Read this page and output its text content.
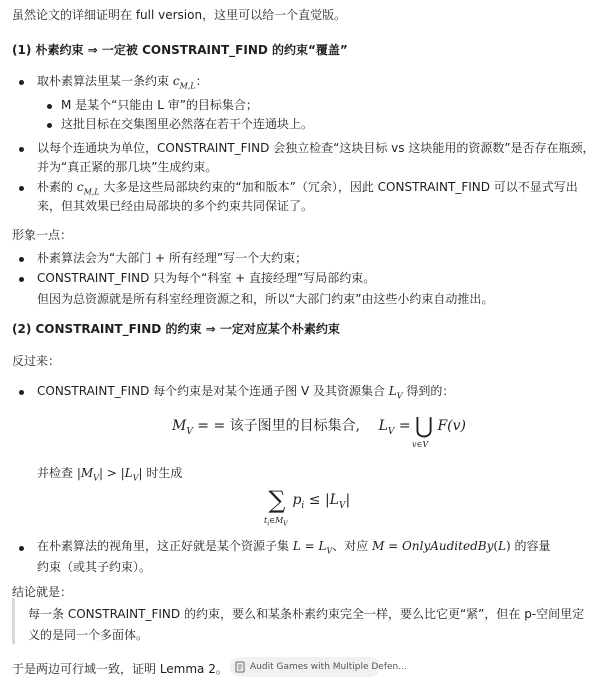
虽然论文的详细证明在 full version，这里可以给一个直觉版。
(1) 朴素约束 ⇒ 一定被 CONSTRAINT_FIND 的约束“覆盖”
取朴素算法里某一条约束 $c_{M,L}$：
M 是某个“只能由 L 审”的目标集合；
这批目标在交集图里必然落在若干个连通块上。
以每个连通块为单位，CONSTRAINT_FIND 会独立检查“这块目标 vs 这块能用的资源数”是否存在瓶颈，
并为“真正紧的那几块”生成约束。
朴素的 $c_{M,L}$ 大多是这些局部块约束的“加和版本”（冗余），因此 CONSTRAINT_FIND 可以不显式写出
来，但其效果已经由局部块的多个约束共同保证了。
形象一点：
朴素算法会为“大部门 + 所有经理”写一个大约束；
CONSTRAINT_FIND 只为每个“科室 + 直接经理”写局部约束。
但因为总资源就是所有科室经理资源之和，所以“大部门约束”由这些小约束自动推出。
(2) CONSTRAINT_FIND 的约束 ⇒ 一定对应某个朴素约束
反过来：
CONSTRAINT_FIND 每个约束是对某个连通子图 V 及其资源集合 $L_V$ 得到的：
$M_V$ = = 该子图里的目标集合, $L_V$ = ⋃
v∈V
F(v)
并检查 $|M_V| > |L_V|$ 时生成
∑
$t_i\in M_V$
$p_i \le |L_V|$
在朴素算法的视角里，这正好就是某个资源子集 $L = L_V$、对应 M = OnlyAuditedBy(L) 的容量
约束（或其子约束）。
结论就是：
每一条 CONSTRAINT_FIND 的约束，要么和某条朴素约束完全一样，要么比它更“紧”，但在 p-空间里定
义的是同一个多面体。
于是两边可行域一致，证明 Lemma 2。 Audit Games with Multiple Defen...
